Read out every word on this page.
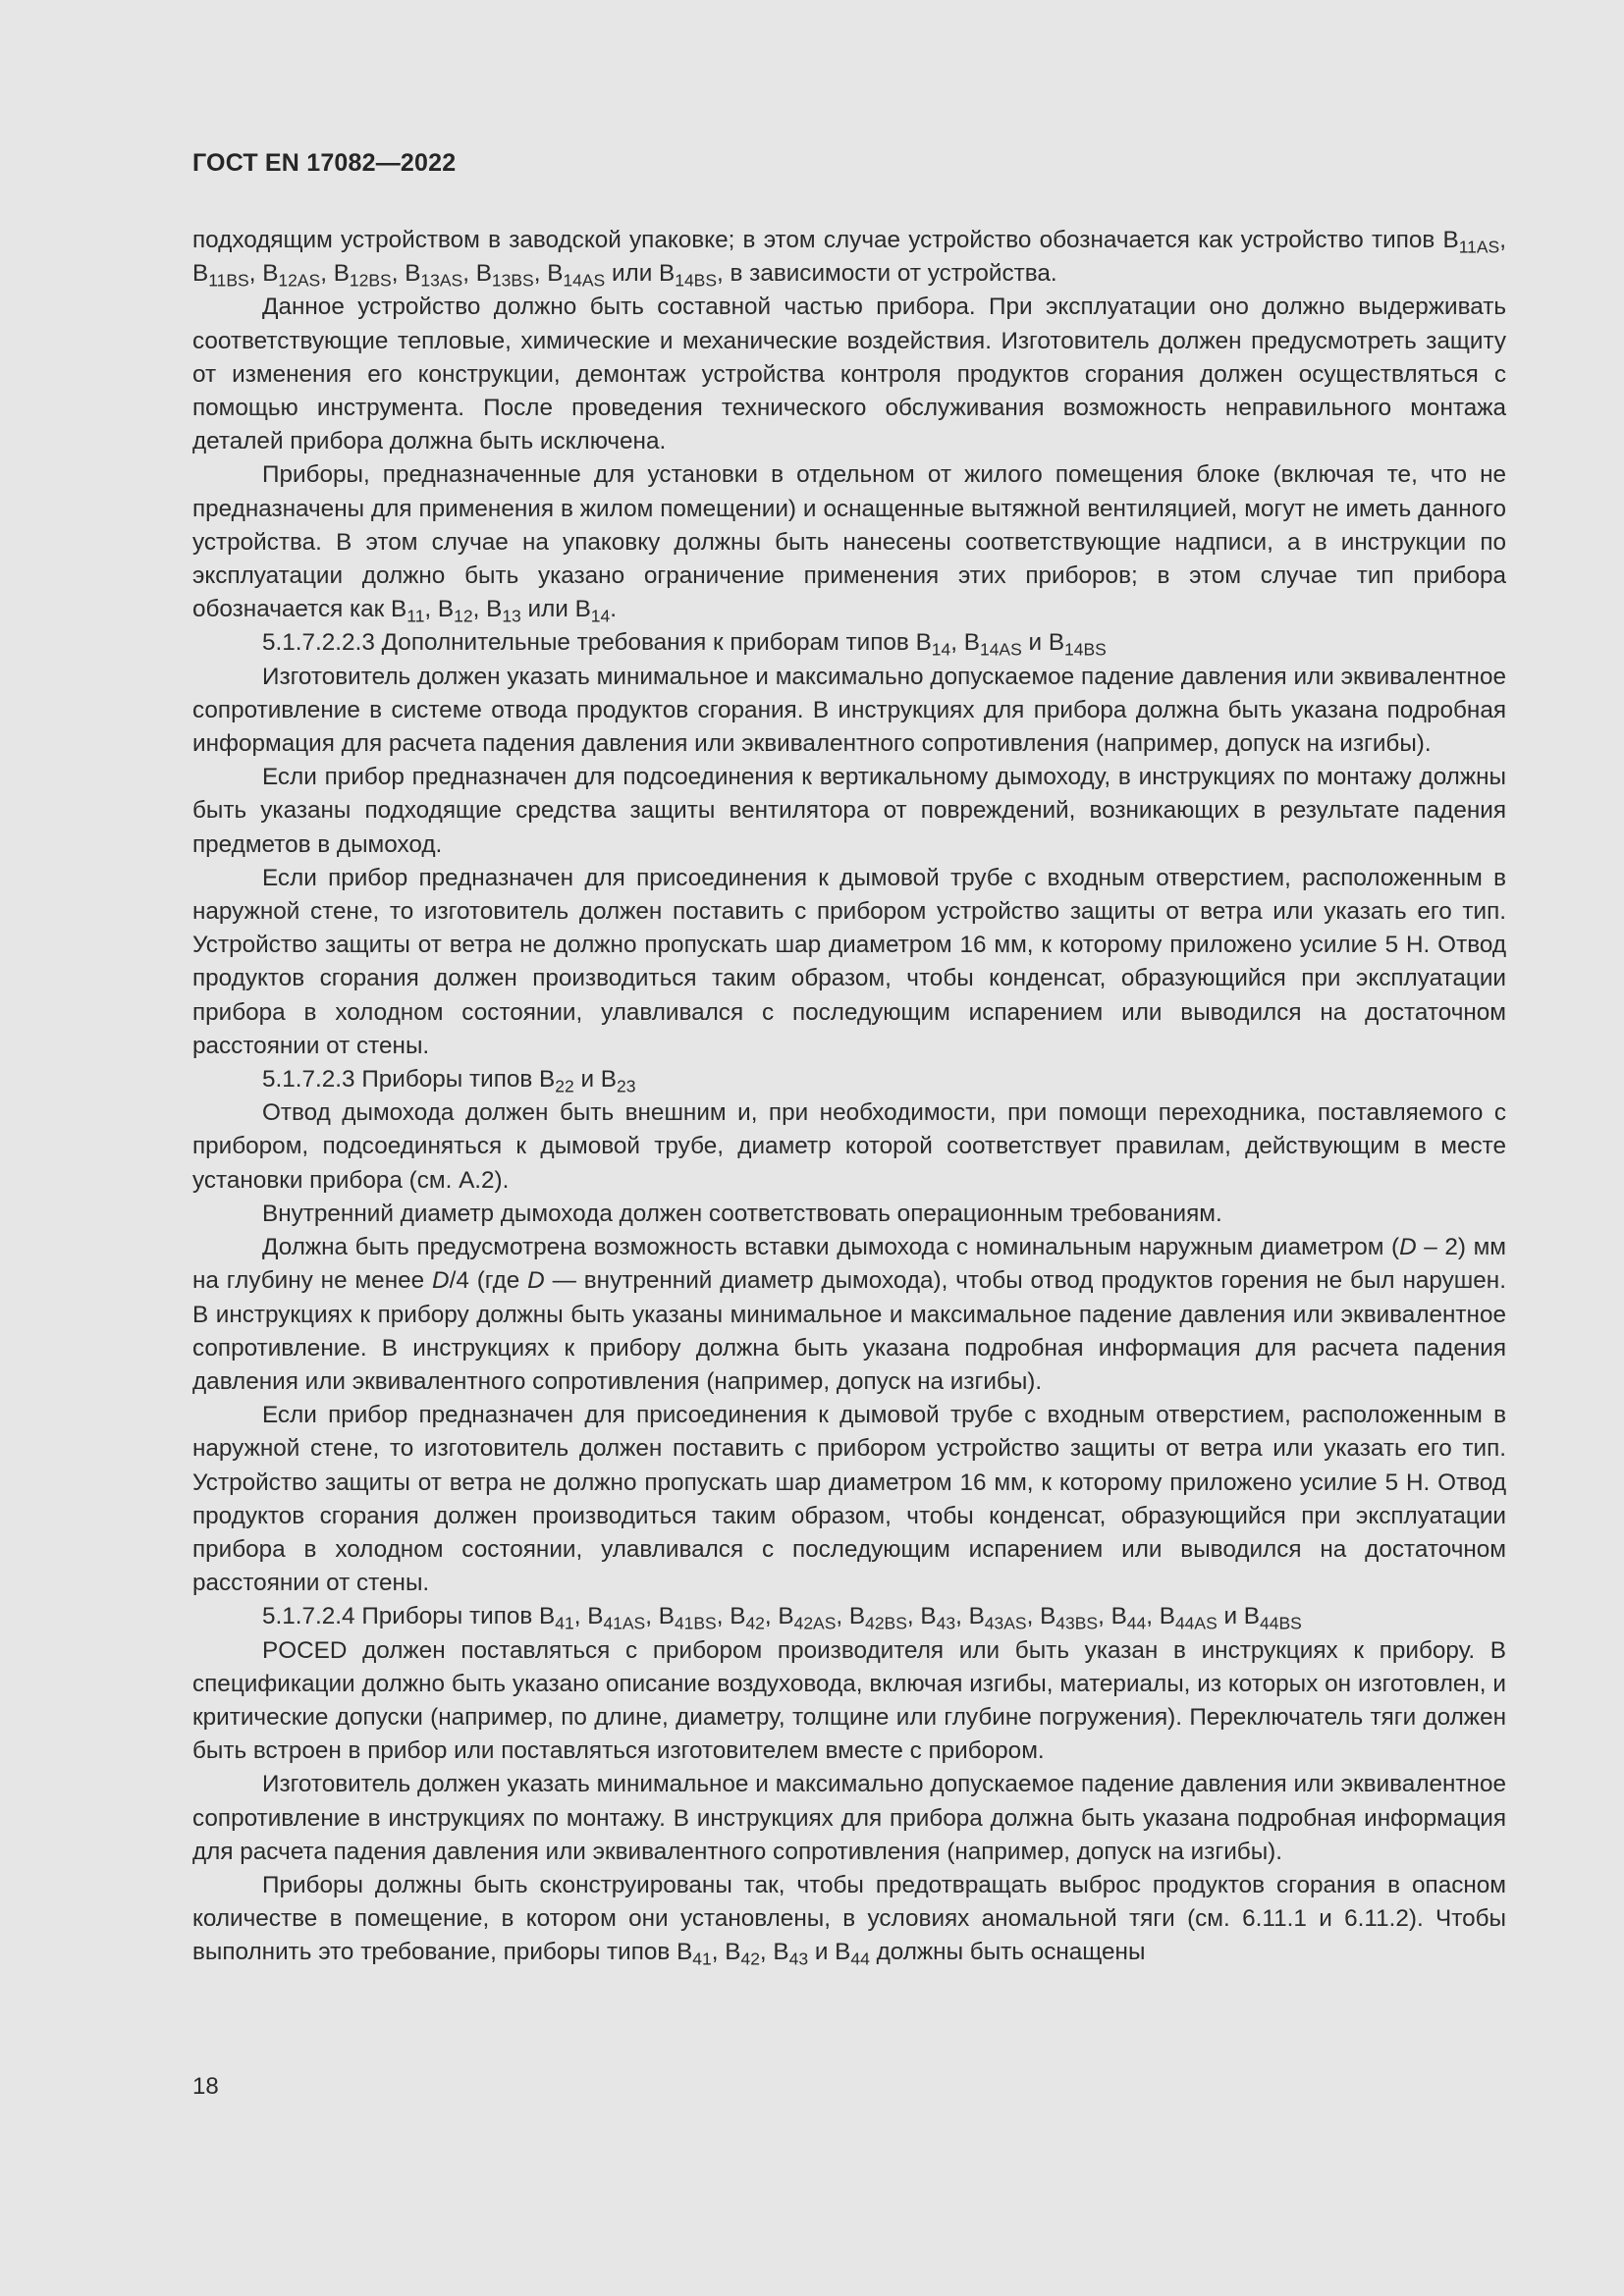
ГОСТ EN 17082—2022

подходящим устройством в заводской упаковке; в этом случае устройство обозначается как устройство типов $B_{11AS}$, $B_{11BS}$, $B_{12AS}$, $B_{12BS}$, $B_{13AS}$, $B_{13BS}$, $B_{14AS}$ или $B_{14BS}$, в зависимости от устройства.

Данное устройство должно быть составной частью прибора. При эксплуатации оно должно выдерживать соответствующие тепловые, химические и механические воздействия. Изготовитель должен предусмотреть защиту от изменения его конструкции, демонтаж устройства контроля продуктов сгорания должен осуществляться с помощью инструмента. После проведения технического обслуживания возможность неправильного монтажа деталей прибора должна быть исключена.

Приборы, предназначенные для установки в отдельном от жилого помещения блоке (включая те, что не предназначены для применения в жилом помещении) и оснащенные вытяжной вентиляцией, могут не иметь данного устройства. В этом случае на упаковку должны быть нанесены соответствующие надписи, а в инструкции по эксплуатации должно быть указано ограничение применения этих приборов; в этом случае тип прибора обозначается как $B_{11}$, $B_{12}$, $B_{13}$ или $B_{14}$.

5.1.7.2.2.3 Дополнительные требования к приборам типов $B_{14}$, $B_{14AS}$ и $B_{14BS}$

Изготовитель должен указать минимальное и максимально допускаемое падение давления или эквивалентное сопротивление в системе отвода продуктов сгорания. В инструкциях для прибора должна быть указана подробная информация для расчета падения давления или эквивалентного сопротивления (например, допуск на изгибы).

Если прибор предназначен для подсоединения к вертикальному дымоходу, в инструкциях по монтажу должны быть указаны подходящие средства защиты вентилятора от повреждений, возникающих в результате падения предметов в дымоход.

Если прибор предназначен для присоединения к дымовой трубе с входным отверстием, расположенным в наружной стене, то изготовитель должен поставить с прибором устройство защиты от ветра или указать его тип. Устройство защиты от ветра не должно пропускать шар диаметром 16 мм, к которому приложено усилие 5 Н. Отвод продуктов сгорания должен производиться таким образом, чтобы конденсат, образующийся при эксплуатации прибора в холодном состоянии, улавливался с последующим испарением или выводился на достаточном расстоянии от стены.

5.1.7.2.3 Приборы типов $B_{22}$ и $B_{23}$

Отвод дымохода должен быть внешним и, при необходимости, при помощи переходника, поставляемого с прибором, подсоединяться к дымовой трубе, диаметр которой соответствует правилам, действующим в месте установки прибора (см. А.2).

Внутренний диаметр дымохода должен соответствовать операционным требованиям.

Должна быть предусмотрена возможность вставки дымохода с номинальным наружным диаметром (D – 2) мм на глубину не менее D/4 (где D — внутренний диаметр дымохода), чтобы отвод продуктов горения не был нарушен. В инструкциях к прибору должны быть указаны минимальное и максимальное падение давления или эквивалентное сопротивление. В инструкциях к прибору должна быть указана подробная информация для расчета падения давления или эквивалентного сопротивления (например, допуск на изгибы).

Если прибор предназначен для присоединения к дымовой трубе с входным отверстием, расположенным в наружной стене, то изготовитель должен поставить с прибором устройство защиты от ветра или указать его тип. Устройство защиты от ветра не должно пропускать шар диаметром 16 мм, к которому приложено усилие 5 Н. Отвод продуктов сгорания должен производиться таким образом, чтобы конденсат, образующийся при эксплуатации прибора в холодном состоянии, улавливался с последующим испарением или выводился на достаточном расстоянии от стены.

5.1.7.2.4 Приборы типов $B_{41}$, $B_{41AS}$, $B_{41BS}$, $B_{42}$, $B_{42AS}$, $B_{42BS}$, $B_{43}$, $B_{43AS}$, $B_{43BS}$, $B_{44}$, $B_{44AS}$ и $B_{44BS}$

POCED должен поставляться с прибором производителя или быть указан в инструкциях к прибору. В спецификации должно быть указано описание воздуховода, включая изгибы, материалы, из которых он изготовлен, и критические допуски (например, по длине, диаметру, толщине или глубине погружения). Переключатель тяги должен быть встроен в прибор или поставляться изготовителем вместе с прибором.

Изготовитель должен указать минимальное и максимально допускаемое падение давления или эквивалентное сопротивление в инструкциях по монтажу. В инструкциях для прибора должна быть указана подробная информация для расчета падения давления или эквивалентного сопротивления (например, допуск на изгибы).

Приборы должны быть сконструированы так, чтобы предотвращать выброс продуктов сгорания в опасном количестве в помещение, в котором они установлены, в условиях аномальной тяги (см. 6.11.1 и 6.11.2). Чтобы выполнить это требование, приборы типов $B_{41}$, $B_{42}$, $B_{43}$ и $B_{44}$ должны быть оснащены

18
